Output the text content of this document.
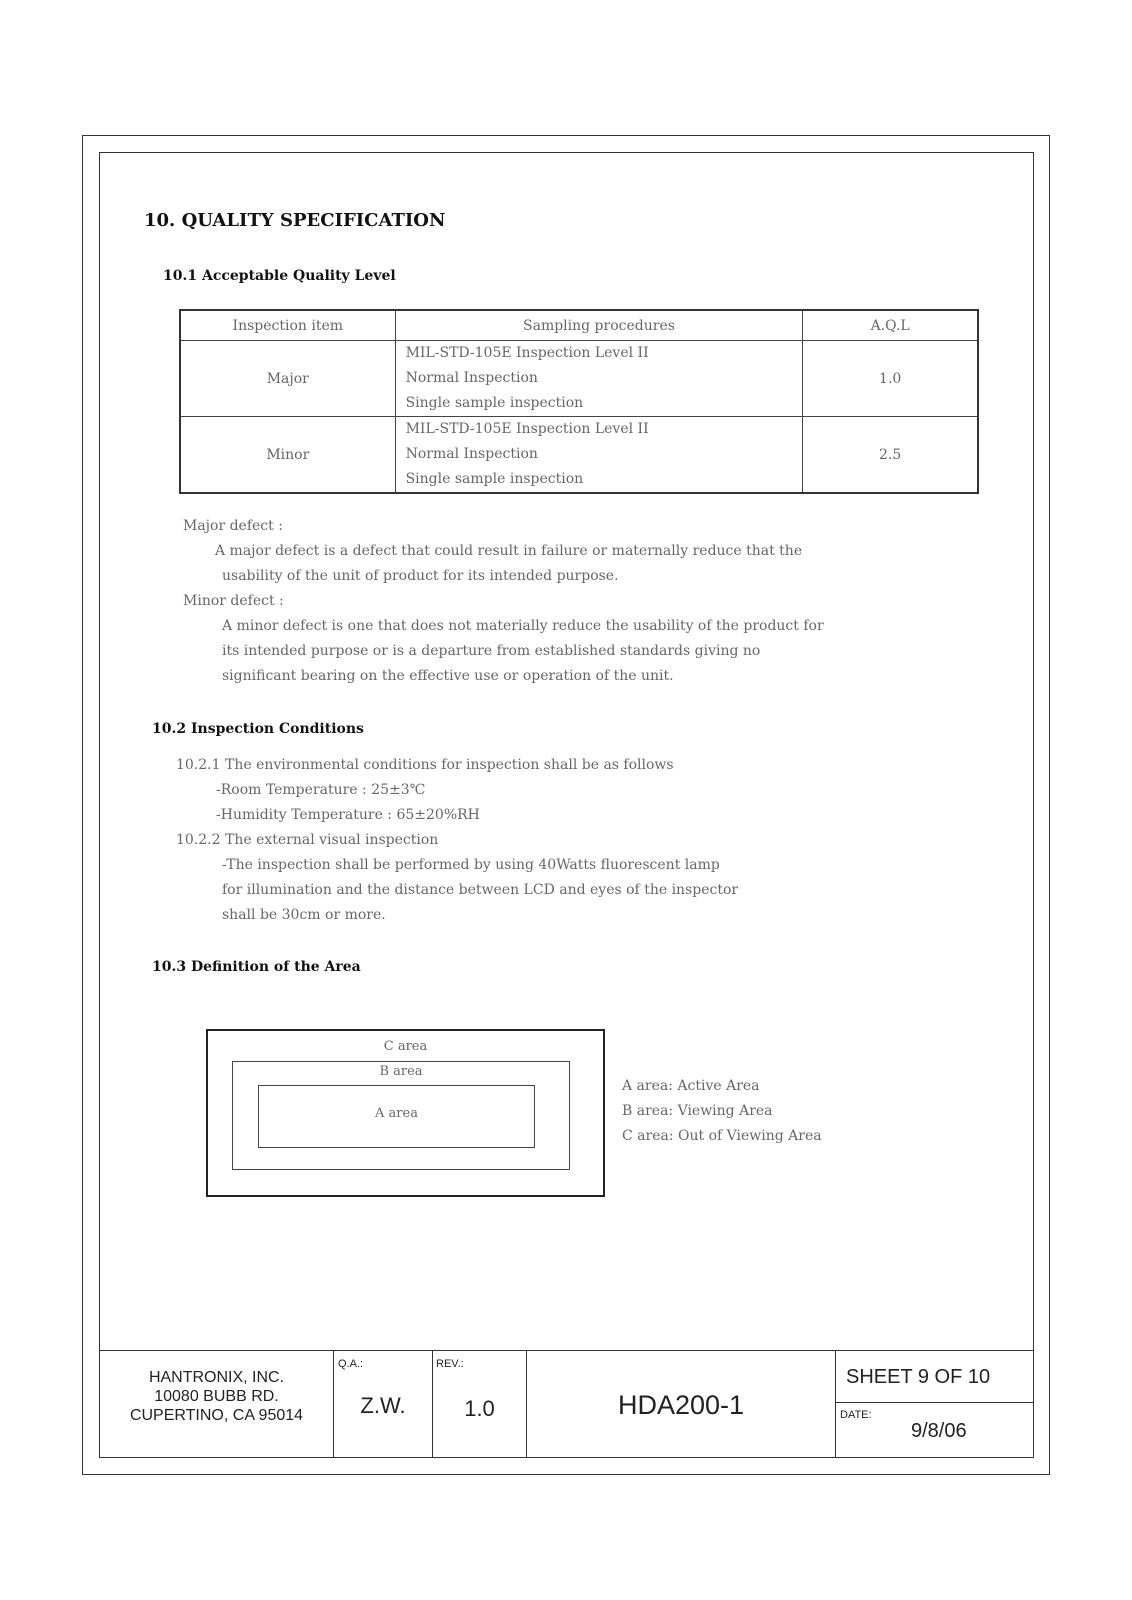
10. QUALITY SPECIFICATION
10.1 Acceptable Quality Level
Inspection item	Sampling procedures	A.Q.L
Major	MIL-STD-105E Inspection Level II
Normal Inspection
Single sample inspection	1.0
Minor	MIL-STD-105E Inspection Level II
Normal Inspection
Single sample inspection	2.5
Major defect :
A major defect is a defect that could result in failure or maternally reduce that the
usability of the unit of product for its intended purpose.
Minor defect :
A minor defect is one that does not materially reduce the usability of the product for
its intended purpose or is a departure from established standards giving no
significant bearing on the effective use or operation of the unit.
10.2 Inspection Conditions
10.2.1 The environmental conditions for inspection shall be as follows
-Room Temperature : 25±3℃
-Humidity Temperature : 65±20%RH
10.2.2 The external visual inspection
-The inspection shall be performed by using 40Watts fluorescent lamp
for illumination and the distance between LCD and eyes of the inspector
shall be 30cm or more.
10.3 Definition of the Area
C area
B area
A area
A area: Active Area
B area: Viewing Area
C area: Out of Viewing Area
HANTRONIX, INC.
10080 BUBB RD.
CUPERTINO, CA 95014
Q.A.:
Z.W.
REV.:
1.0	HDA200-1
SHEET 9 OF 10
DATE:
9/8/06
